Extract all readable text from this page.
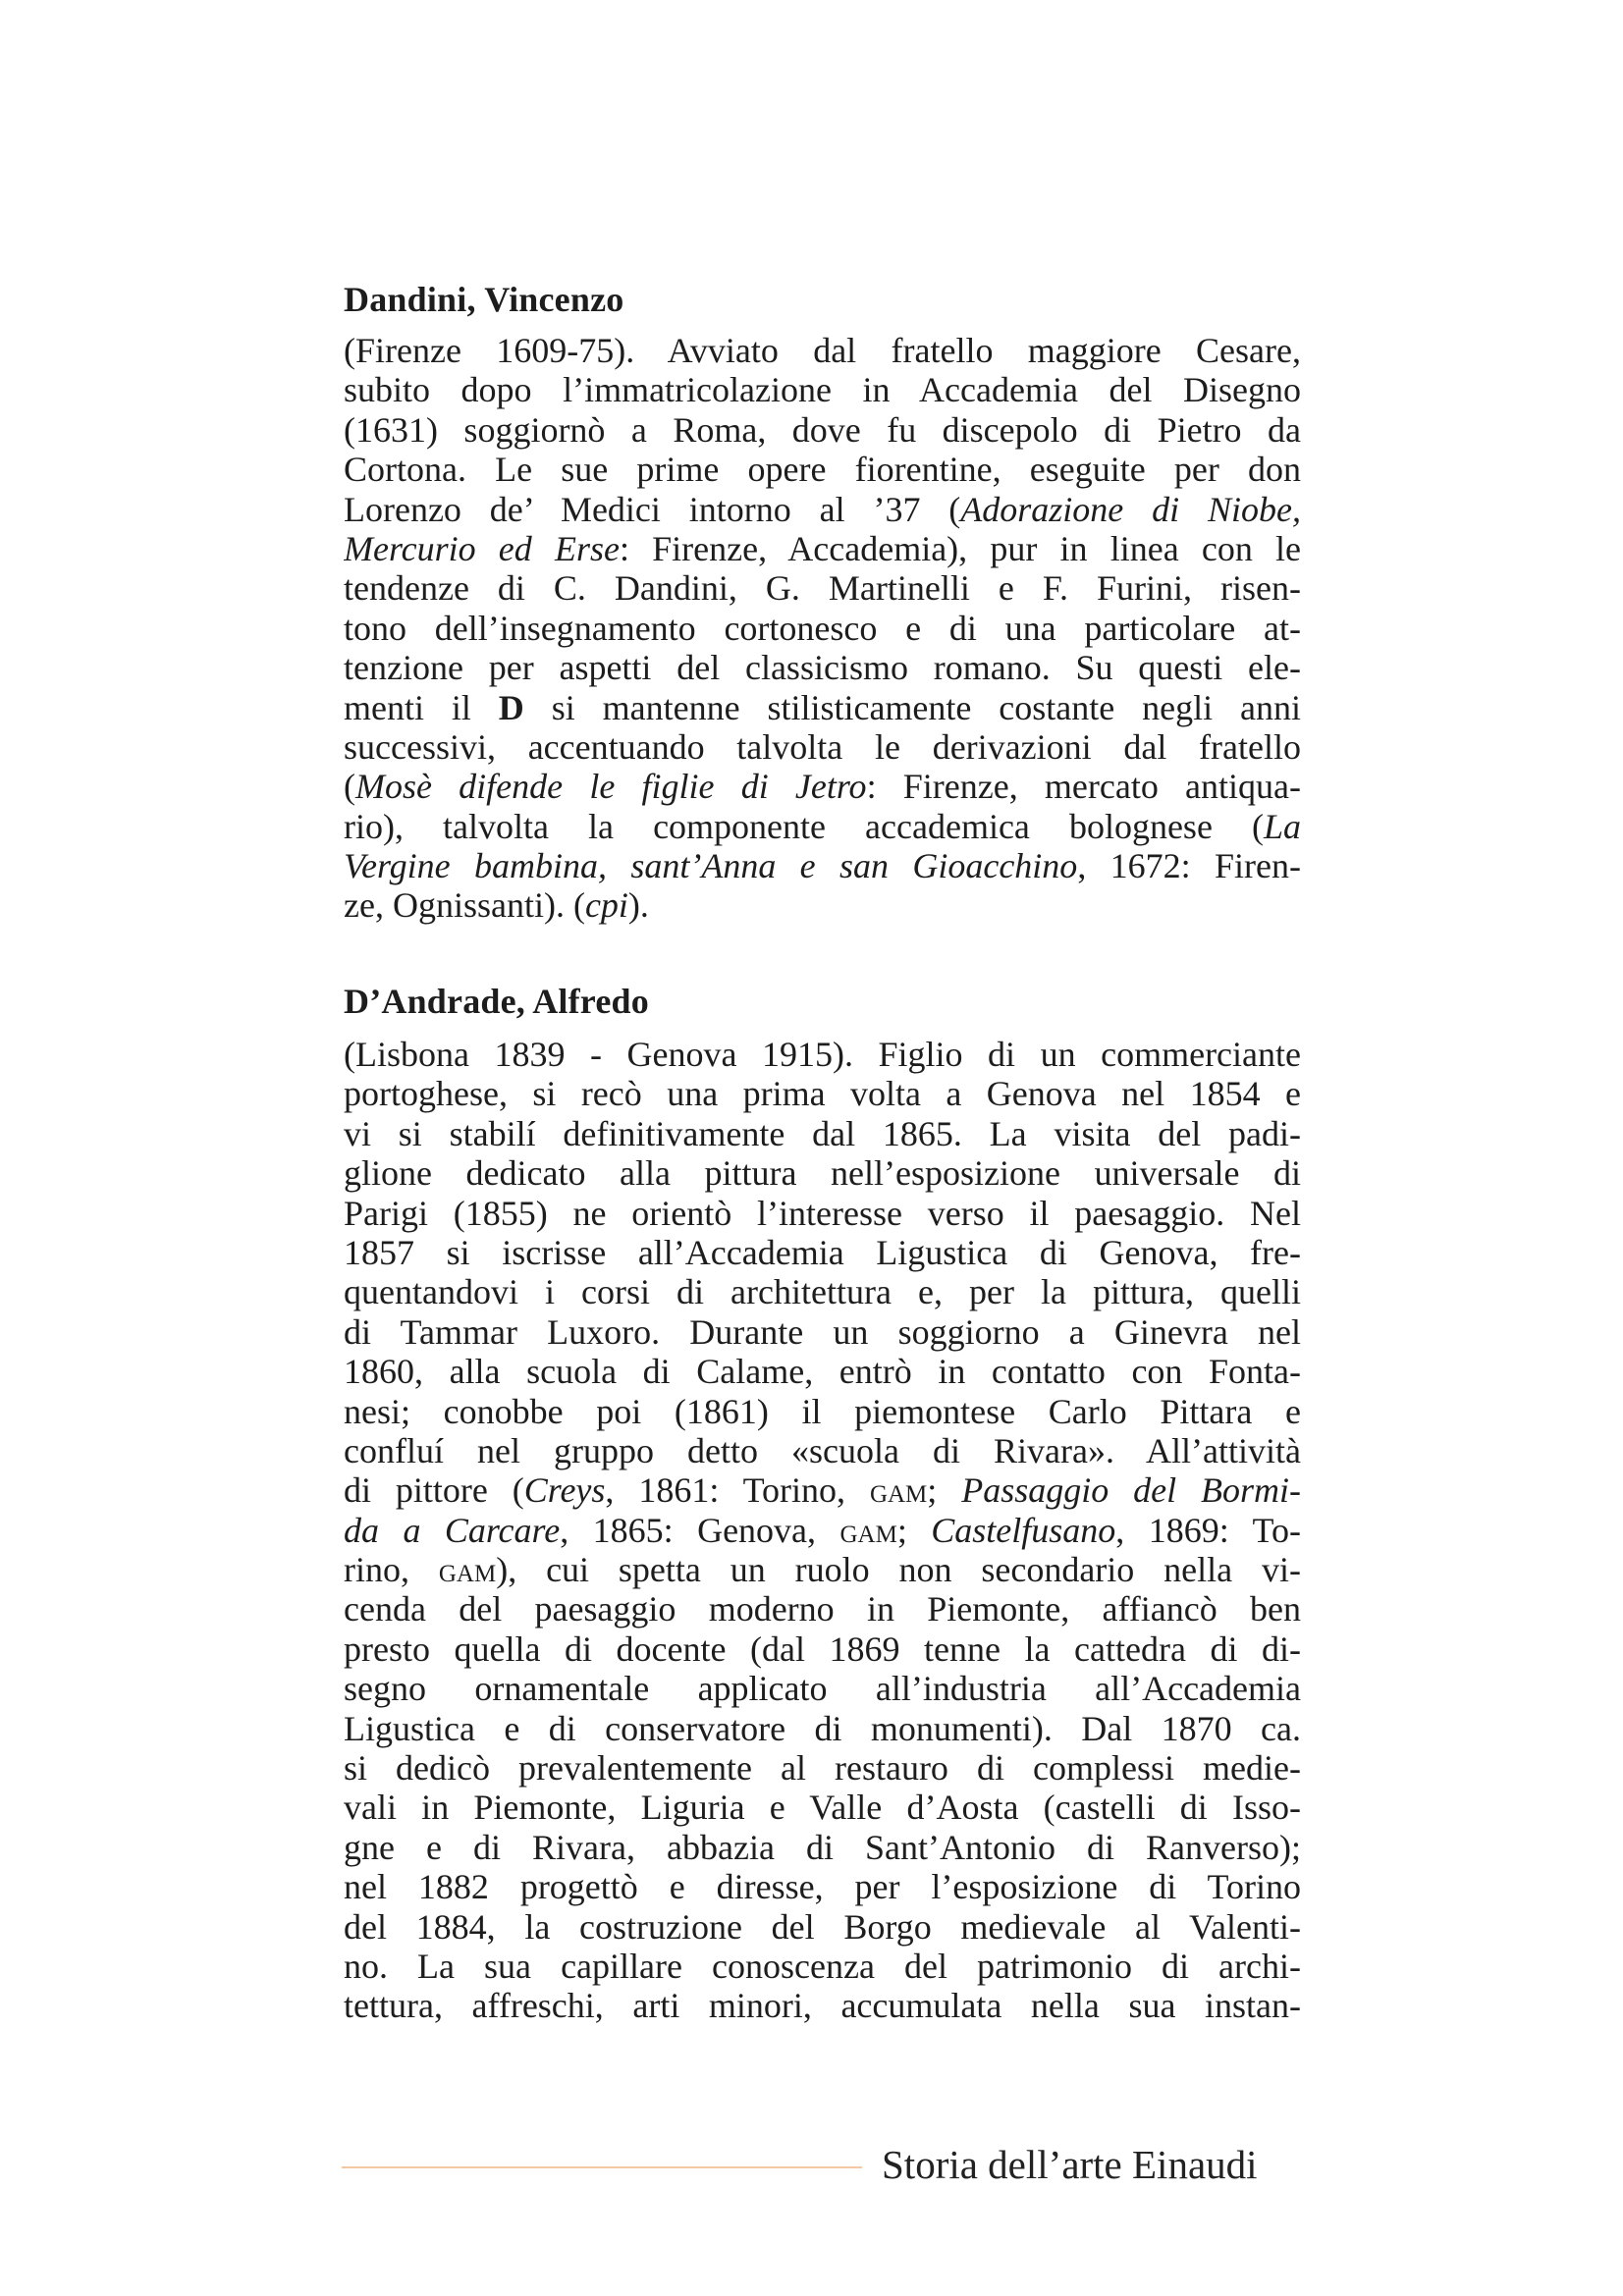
Dandini, Vincenzo
(Firenze 1609-75). Avviato dal fratello maggiore Cesare,
subito dopo l’immatricolazione in Accademia del Disegno
(1631) soggiornò a Roma, dove fu discepolo di Pietro da
Cortona. Le sue prime opere fiorentine, eseguite per don
Lorenzo de’ Medici intorno al ’37 (Adorazione di Niobe,
Mercurio ed Erse: Firenze, Accademia), pur in linea con le
tendenze di C. Dandini, G. Martinelli e F. Furini, risen-
tono dell’insegnamento cortonesco e di una particolare at-
tenzione per aspetti del classicismo romano. Su questi ele-
menti il D si mantenne stilisticamente costante negli anni
successivi, accentuando talvolta le derivazioni dal fratello
(Mosè difende le figlie di Jetro: Firenze, mercato antiqua-
rio), talvolta la componente accademica bolognese (La
Vergine bambina, sant’Anna e san Gioacchino, 1672: Firen-
ze, Ognissanti). (cpi).
D’Andrade, Alfredo
(Lisbona 1839 - Genova 1915). Figlio di un commerciante
portoghese, si recò una prima volta a Genova nel 1854 e
vi si stabilí definitivamente dal 1865. La visita del padi-
glione dedicato alla pittura nell’esposizione universale di
Parigi (1855) ne orientò l’interesse verso il paesaggio. Nel
1857 si iscrisse all’Accademia Ligustica di Genova, fre-
quentandovi i corsi di architettura e, per la pittura, quelli
di Tammar Luxoro. Durante un soggiorno a Ginevra nel
1860, alla scuola di Calame, entrò in contatto con Fonta-
nesi; conobbe poi (1861) il piemontese Carlo Pittara e
confluí nel gruppo detto «scuola di Rivara». All’attività
di pittore (Creys, 1861: Torino, gam; Passaggio del Bormi-
da a Carcare, 1865: Genova, gam; Castelfusano, 1869: To-
rino, gam), cui spetta un ruolo non secondario nella vi-
cenda del paesaggio moderno in Piemonte, affiancò ben
presto quella di docente (dal 1869 tenne la cattedra di di-
segno ornamentale applicato all’industria all’Accademia
Ligustica e di conservatore di monumenti). Dal 1870 ca.
si dedicò prevalentemente al restauro di complessi medie-
vali in Piemonte, Liguria e Valle d’Aosta (castelli di Isso-
gne e di Rivara, abbazia di Sant’Antonio di Ranverso);
nel 1882 progettò e diresse, per l’esposizione di Torino
del 1884, la costruzione del Borgo medievale al Valenti-
no. La sua capillare conoscenza del patrimonio di archi-
tettura, affreschi, arti minori, accumulata nella sua instan-
Storia dell’arte Einaudi
